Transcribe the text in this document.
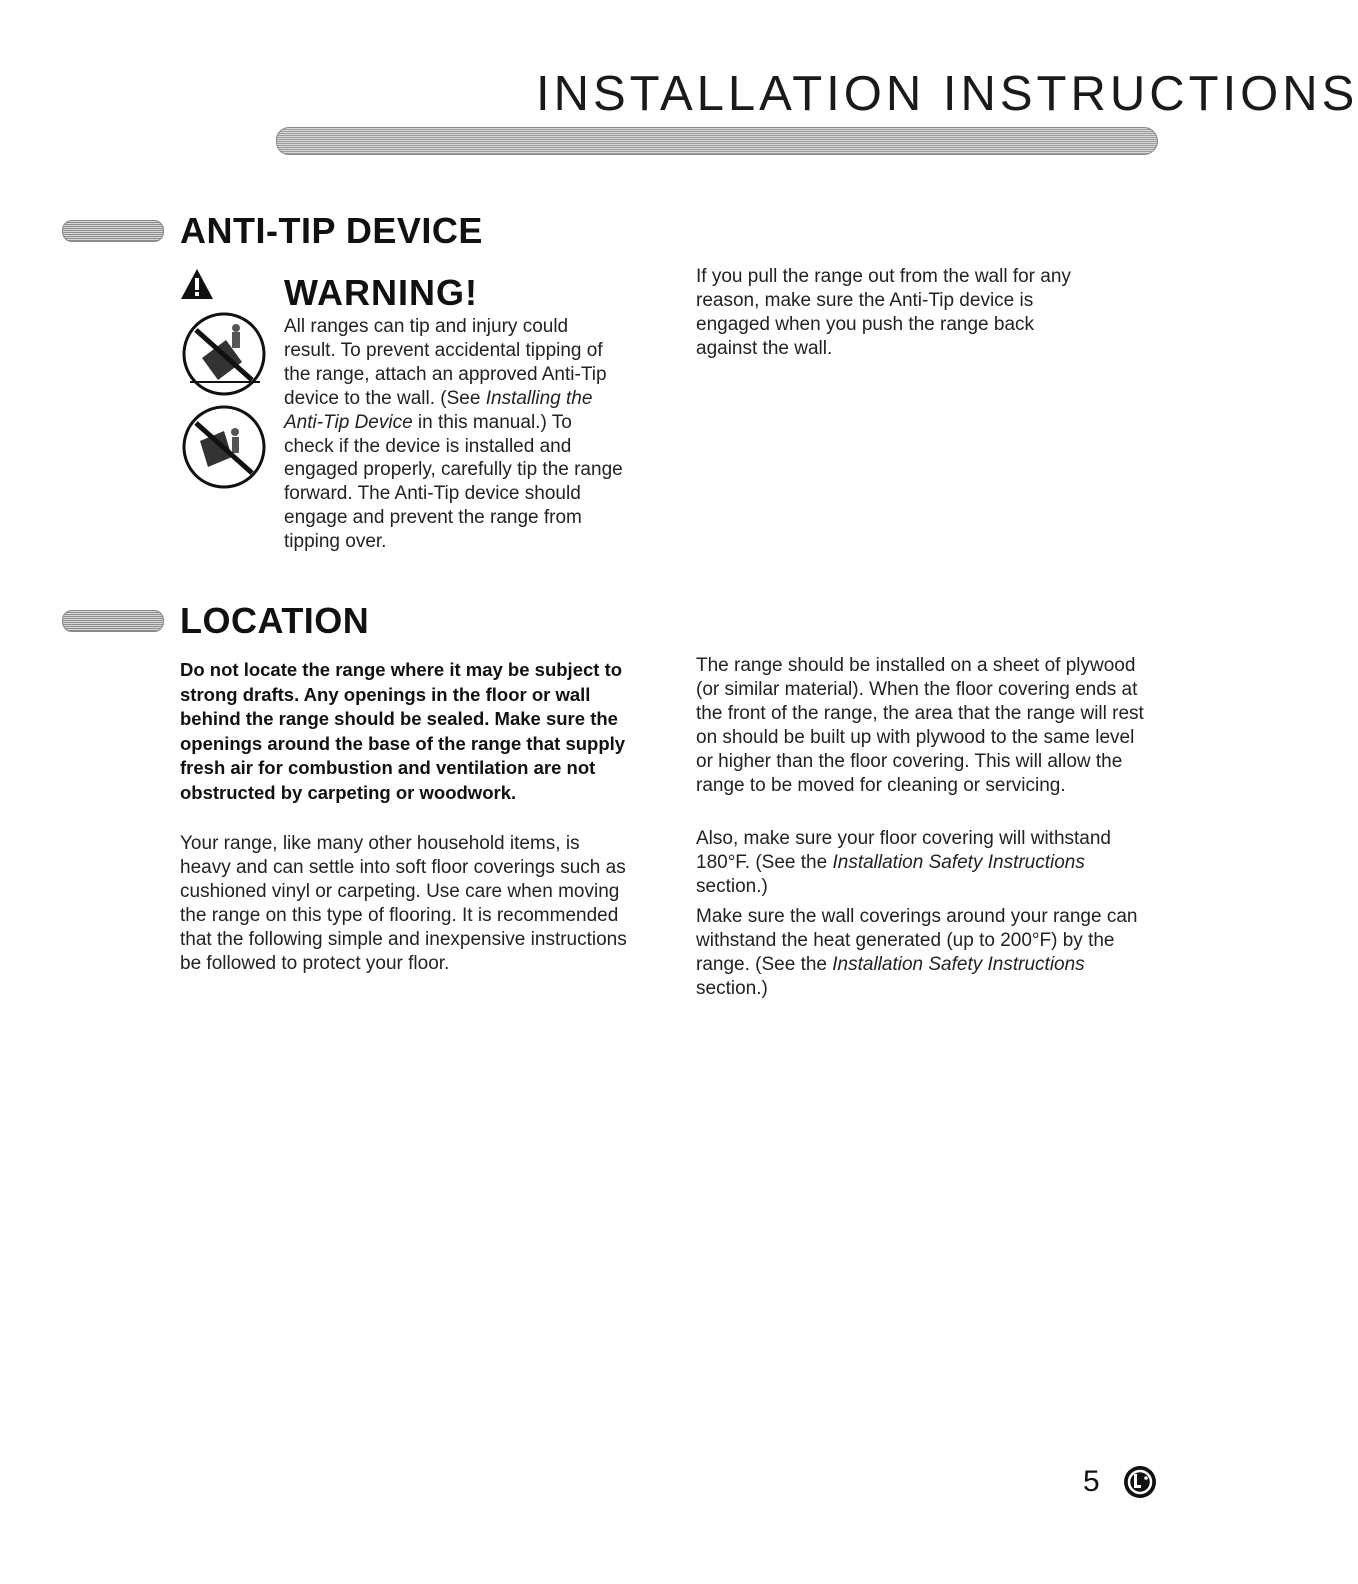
INSTALLATION INSTRUCTIONS
ANTI-TIP DEVICE
WARNING!
All ranges can tip and injury could result. To prevent accidental tipping of the range, attach an approved Anti-Tip device to the wall. (See Installing the Anti-Tip Device in this manual.) To check if the device is installed and engaged properly, carefully tip the range forward. The Anti-Tip device should engage and prevent the range from tipping over.
If you pull the range out from the wall for any reason, make sure the Anti-Tip device is engaged when you push the range back against the wall.
LOCATION
Do not locate the range where it may be subject to strong drafts. Any openings in the floor or wall behind the range should be sealed. Make sure the openings around the base of the range that supply fresh air for combustion and ventilation are not obstructed by carpeting or woodwork.
Your range, like many other household items, is heavy and can settle into soft floor coverings such as cushioned vinyl or carpeting. Use care when moving the range on this type of flooring. It is recommended that the following simple and inexpensive instructions be followed to protect your floor.
The range should be installed on a sheet of plywood (or similar material). When the floor covering ends at the front of the range, the area that the range will rest on should be built up with plywood to the same level or higher than the floor covering. This will allow the range to be moved for cleaning or servicing.
Also, make sure your floor covering will withstand 180°F. (See the Installation Safety Instructions section.)
Make sure the wall coverings around your range can withstand the heat generated (up to 200°F) by the range. (See the Installation Safety Instructions section.)
5
